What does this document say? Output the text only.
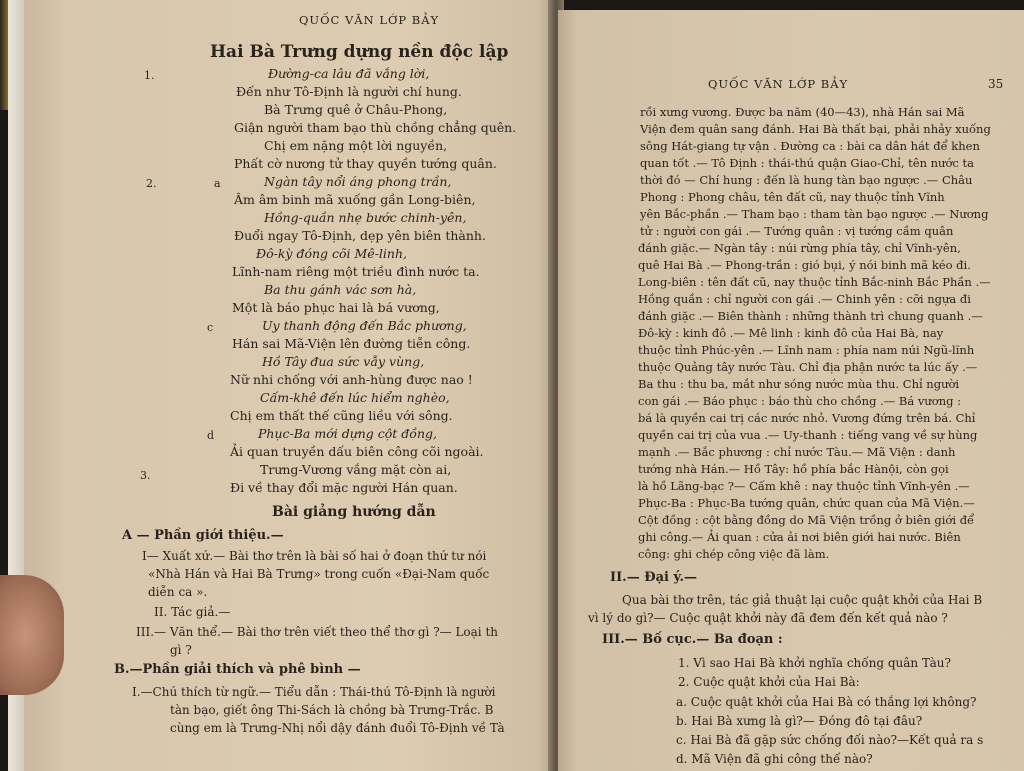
QUỐC VĂN LỚP BẢY
Hai Bà Trưng dựng nền độc lập
1.
2.	a
c
d
3.
Đường-ca lâu đã vắng lời,
Đến như Tô-Định là người chí hung.
Bà Trưng quê ở Châu-Phong,
Giận người tham bạo thù chồng chẳng quên.
Chị em nặng một lời nguyền,
Phất cờ nương tử thay quyền tướng quân.
Ngàn tây nổi áng phong trần,
Âm âm binh mã xuống gần Long-biên,
Hồng-quần nhẹ bước chinh-yên,
Đuổi ngay Tô-Định, dẹp yên biên thành.
Đô-kỳ đóng cõi Mê-linh,
Lĩnh-nam riêng một triều đình nước ta.
Ba thu gánh vác sơn hà,
Một là báo phục hai là bá vương,
Uy thanh động đến Bắc phương,
Hán sai Mã-Viện lên đường tiễn công.
Hồ Tây đua sức vẫy vùng,
Nữ nhi chống với anh-hùng được nao !
Cấm-khê đến lúc hiểm nghèo,
Chị em thất thế cũng liều với sông.
Phục-Ba mới dựng cột đồng,
Ải quan truyền dấu biên công cõi ngoài.
Trưng-Vương vắng mặt còn ai,
Đi về thay đổi mặc người Hán quan.
Bài giảng hướng dẫn
A — Phần giới thiệu.—
I— Xuất xứ.— Bài thơ trên là bài số hai ở đoạn thứ tư nói
«Nhà Hán và Hai Bà Trưng» trong cuốn «Đại-Nam quốc
diễn ca ».
II. Tác giả.—
III.— Văn thể.— Bài thơ trên viết theo thể thơ gì ?— Loại th
gì ?
B.—Phần giải thích và phê bình —
I.—Chú thích từ ngữ.— Tiểu dẫn : Thái-thú Tô-Định là người
tàn bạo, giết ông Thi-Sách là chồng bà Trưng-Trắc. B
cùng em là Trưng-Nhị nổi dậy đánh đuổi Tô-Định về Tà
QUỐC VĂN LỚP BẢY	35
rồi xưng vương. Được ba năm (40—43), nhà Hán sai Mã
Viện đem quân sang đánh. Hai Bà thất bại, phải nhảy xuống
sông Hát-giang tự vận . Đường ca : bài ca dân hát để khen
quan tốt .— Tô Định : thái-thú quận Giao-Chỉ, tên nước ta
thời đó — Chí hung : đến là hung tàn bạo ngược .— Châu
Phong : Phong châu, tên đất cũ, nay thuộc tỉnh Vĩnh
yên Bắc-phần .— Tham bạo : tham tàn bạo ngược .— Nương
tử : người con gái .— Tướng quân : vị tướng cầm quân
đánh giặc.— Ngàn tây : núi rừng phía tây, chỉ Vĩnh-yên,
quê Hai Bà .— Phong-trần : gió bụi, ý nói binh mã kéo đi.
Long-biên : tên đất cũ, nay thuộc tỉnh Bắc-ninh Bắc Phần .—
Hồng quần : chỉ người con gái .— Chinh yên : cỡi ngựa đi
đánh giặc .— Biên thành : những thành trì chung quanh .—
Đô-kỳ : kinh đô .— Mê linh : kinh đô của Hai Bà, nay
thuộc tỉnh Phúc-yên .— Lĩnh nam : phía nam núi Ngũ-lĩnh
thuộc Quảng tây nước Tàu. Chỉ địa phận nước ta lúc ấy .—
Ba thu : thu ba, mắt như sóng nước mùa thu. Chỉ người
con gái .— Báo phục : báo thù cho chồng .— Bá vương :
bá là quyền cai trị các nước nhỏ. Vương đứng trên bá. Chỉ
quyền cai trị của vua .— Uy-thanh : tiếng vang về sự hùng
mạnh .— Bắc phương : chỉ nước Tàu.— Mã Viện : danh
tướng nhà Hán.— Hồ Tây: hồ phía bắc Hànội, còn gọi
là hồ Lãng-bạc ?— Cấm khê : nay thuộc tỉnh Vĩnh-yên .—
Phục-Ba : Phục-Ba tướng quân, chức quan của Mã Viện.—
Cột đồng : cột bằng đồng do Mã Viện trồng ở biên giới để
ghi công.— Ải quan : cửa ải nơi biên giới hai nước. Biên
công: ghi chép công việc đã làm.
II.— Đại ý.—
Qua bài thơ trên, tác giả thuật lại cuộc quật khởi của Hai B
vì lý do gì?— Cuộc quật khởi này đã đem đến kết quả nào ?
III.— Bố cục.— Ba đoạn :
1. Vì sao Hai Bà khởi nghĩa chống quân Tàu?
2. Cuộc quật khởi của Hai Bà:
a. Cuộc quật khởi của Hai Bà có thắng lợi không?
b. Hai Bà xưng là gì?— Đóng đô tại đâu?
c. Hai Bà đã gặp sức chống đối nào?—Kết quả ra s
d. Mã Viện đã ghi công thế nào?
